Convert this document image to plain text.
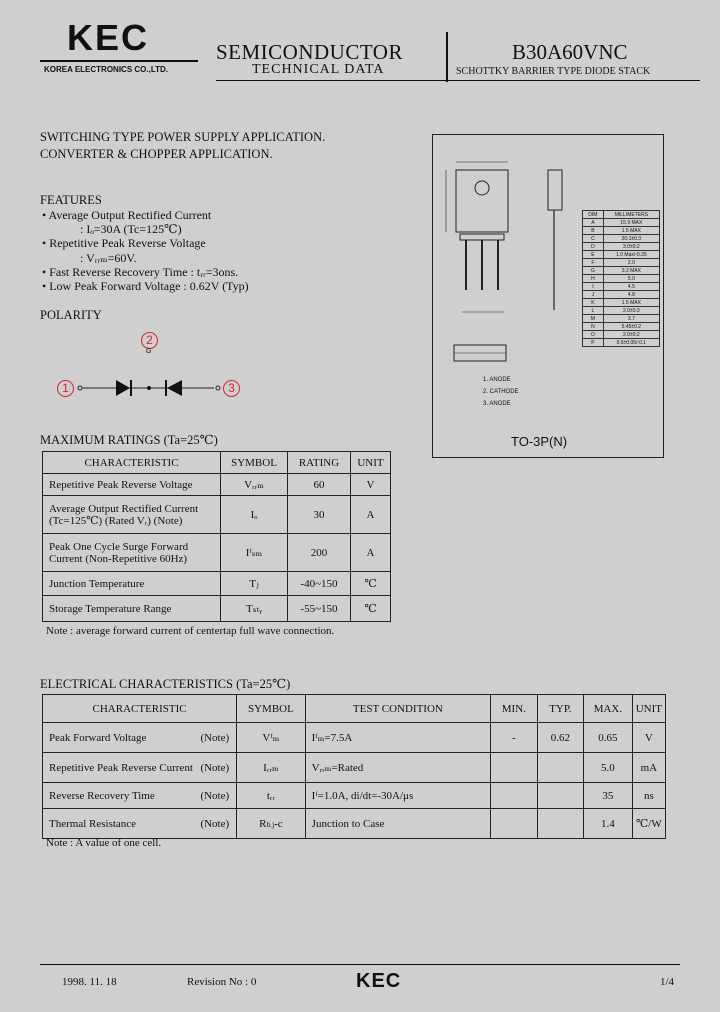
KEC
KOREA ELECTRONICS CO.,LTD.
SEMICONDUCTOR
TECHNICAL DATA
B30A60VNC
SCHOTTKY BARRIER TYPE DIODE STACK
SWITCHING TYPE POWER SUPPLY APPLICATION.
CONVERTER & CHOPPER APPLICATION.
FEATURES
• Average Output Rectified Current
: Iₒ=30A (Tc=125℃)
• Repetitive Peak Reverse Voltage
: Vᵣᵣₘ=60V.
• Fast Reverse Recovery Time : tᵣᵣ=3ons.
• Low Peak Forward Voltage : 0.62V (Typ)
POLARITY
2
G
1	3
DIM	MILLIMETERS
A	15.9 MAX
B	1.5 MAX
C	20.1±0.3
D	3.0±0.2
E	1.0 Max/-0.25
F	2.0
G	3.2 MAX
H	5.0
I	4.5
J	4.8
K	1.5 MAX
L	2.0±0.3
M	3.7
N	5.45±0.2
O	2.0±0.2
P	0.6±0.05/-0.1
1. ANODE
2. CATHODE
3. ANODE
TO-3P(N)
MAXIMUM RATINGS (Ta=25℃)
CHARACTERISTIC	SYMBOL	RATING	UNIT
Repetitive Peak Reverse Voltage	Vᵣᵣₘ	60	V
Average Output Rectified Current (Tc=125℃) (Rated Vᵣ) (Note)	Iₒ	30	A
Peak One Cycle Surge Forward Current (Non-Repetitive 60Hz)	Iᶠₛₘ	200	A
Junction Temperature	Tⱼ	-40~150	℃
Storage Temperature Range	Tₛₜᵧ	-55~150	℃
Note : average forward current of centertap full wave connection.
ELECTRICAL CHARACTERISTICS (Ta=25℃)
CHARACTERISTIC	SYMBOL	TEST CONDITION	MIN.	TYP.	MAX.	UNIT
Peak Forward Voltage (Note)	Vᶠₘ	Iᶠₘ=7.5A	-	0.62	0.65	V
Repetitive Peak Reverse Current (Note)	Iᵣᵣₘ	Vᵣᵣₘ=Rated			5.0	mA
Reverse Recovery Time (Note)	tᵣᵣ	Iᶠ=1.0A, di/dt=-30A/μs			35	ns
Thermal Resistance (Note)	Rₕⱼ‑c	Junction to Case			1.4	℃/W
Note : A value of one cell.
1998. 11. 18	Revision No : 0	KEC	1/4
